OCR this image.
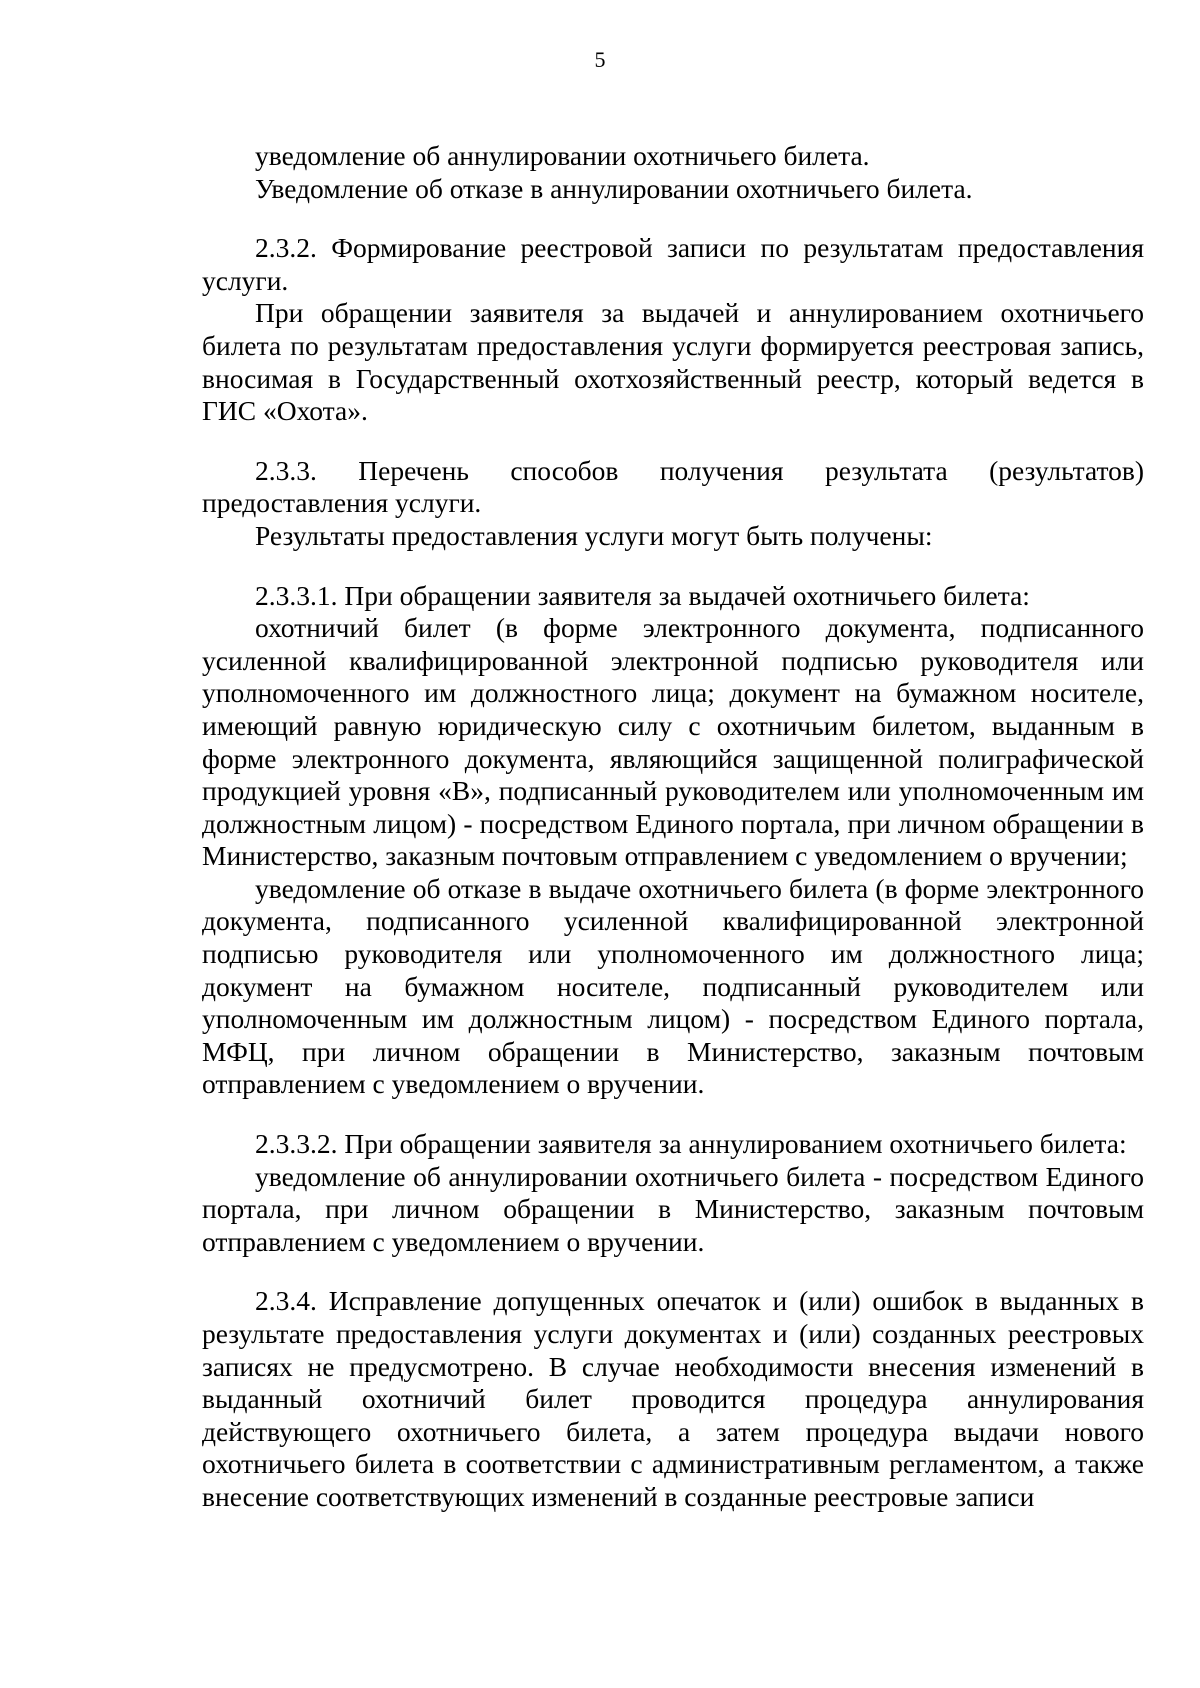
5

уведомление об аннулировании охотничьего билета.

Уведомление об отказе в аннулировании охотничьего билета.

2.3.2. Формирование реестровой записи по результатам предоставления услуги.

При обращении заявителя за выдачей и аннулированием охотничьего билета по результатам предоставления услуги формируется реестровая запись, вносимая в Государственный охотхозяйственный реестр, который ведется в ГИС «Охота».

2.3.3. Перечень способов получения результата (результатов) предоставления услуги.

Результаты предоставления услуги могут быть получены:

2.3.3.1. При обращении заявителя за выдачей охотничьего билета:

охотничий билет (в форме электронного документа, подписанного усиленной квалифицированной электронной подписью руководителя или уполномоченного им должностного лица; документ на бумажном носителе, имеющий равную юридическую силу с охотничьим билетом, выданным в форме электронного документа, являющийся защищенной полиграфической продукцией уровня «В», подписанный руководителем или уполномоченным им должностным лицом) - посредством Единого портала, при личном обращении в Министерство, заказным почтовым отправлением с уведомлением о вручении;

уведомление об отказе в выдаче охотничьего билета (в форме электронного документа, подписанного усиленной квалифицированной электронной подписью руководителя или уполномоченного им должностного лица; документ на бумажном носителе, подписанный руководителем или уполномоченным им должностным лицом) - посредством Единого портала, МФЦ, при личном обращении в Министерство, заказным почтовым отправлением с уведомлением о вручении.

2.3.3.2. При обращении заявителя за аннулированием охотничьего билета:

уведомление об аннулировании охотничьего билета - посредством Единого портала, при личном обращении в Министерство, заказным почтовым отправлением с уведомлением о вручении.

2.3.4. Исправление допущенных опечаток и (или) ошибок в выданных в результате предоставления услуги документах и (или) созданных реестровых записях не предусмотрено. В случае необходимости внесения изменений в выданный охотничий билет проводится процедура аннулирования действующего охотничьего билета, а затем процедура выдачи нового охотничьего билета в соответствии с административным регламентом, а также внесение соответствующих изменений в созданные реестровые записи
